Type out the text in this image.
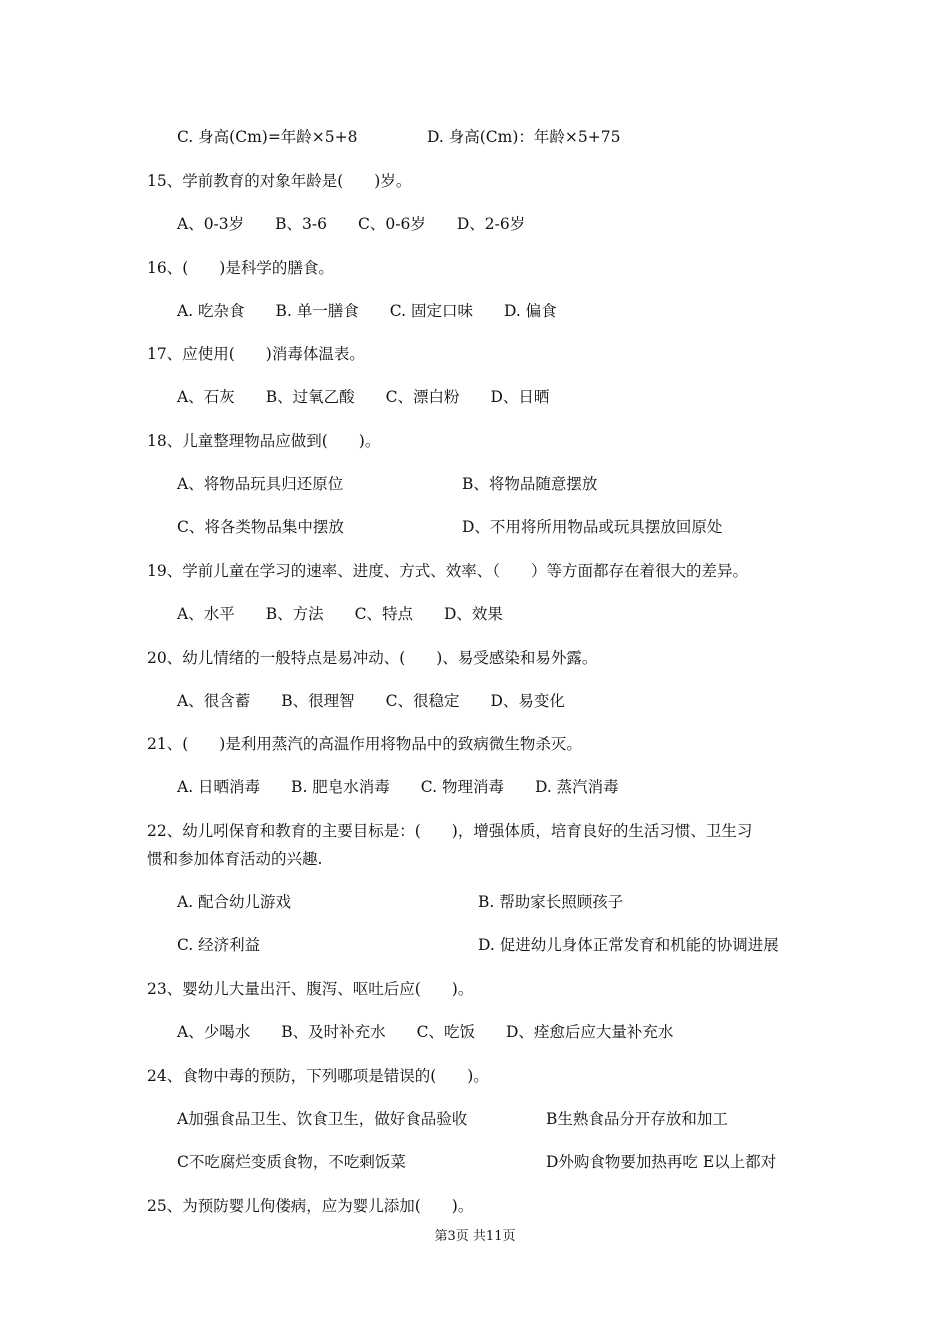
C. 身高(Cm)=年龄×5+8	D. 身高(Cm)：年龄×5+75
15、学前教育的对象年龄是(　　)岁。
A、0-3岁　　B、3-6　　C、0-6岁　　D、2-6岁
16、(　　)是科学的膳食。
A. 吃杂食　　B. 单一膳食　　C. 固定口味　　D. 偏食
17、应使用(　　)消毒体温表。
A、石灰　　B、过氧乙酸　　C、漂白粉　　D、日晒
18、儿童整理物品应做到(　　)。
A、将物品玩具归还原位	B、将物品随意摆放
C、将各类物品集中摆放	D、不用将所用物品或玩具摆放回原处
19、学前儿童在学习的速率、进度、方式、效率、（　　）等方面都存在着很大的差异。
A、水平　　B、方法　　C、特点　　D、效果
20、幼儿情绪的一般特点是易冲动、(　　)、易受感染和易外露。
A、很含蓄　　B、很理智　　C、很稳定　　D、易变化
21、(　　)是利用蒸汽的高温作用将物品中的致病微生物杀灭。
A. 日晒消毒　　B. 肥皂水消毒　　C. 物理消毒　　D. 蒸汽消毒
22、幼儿吲保育和教育的主要目标是：(　　)，增强体质，培育良好的生活习惯、卫生习
惯和参加体育活动的兴趣.
A. 配合幼儿游戏	B. 帮助家长照顾孩子
C. 经济利益	D. 促进幼儿身体正常发育和机能的协调进展
23、婴幼儿大量出汗、腹泻、呕吐后应(　　)。
A、少喝水　　B、及时补充水　　C、吃饭　　D、痊愈后应大量补充水
24、食物中毒的预防，下列哪项是错误的(　　)。
A加强食品卫生、饮食卫生，做好食品验收	B生熟食品分开存放和加工
C不吃腐烂变质食物，不吃剩饭菜	D外购食物要加热再吃 E以上都对
25、为预防婴儿佝偻病，应为婴儿添加(　　)。
第3页 共11页
